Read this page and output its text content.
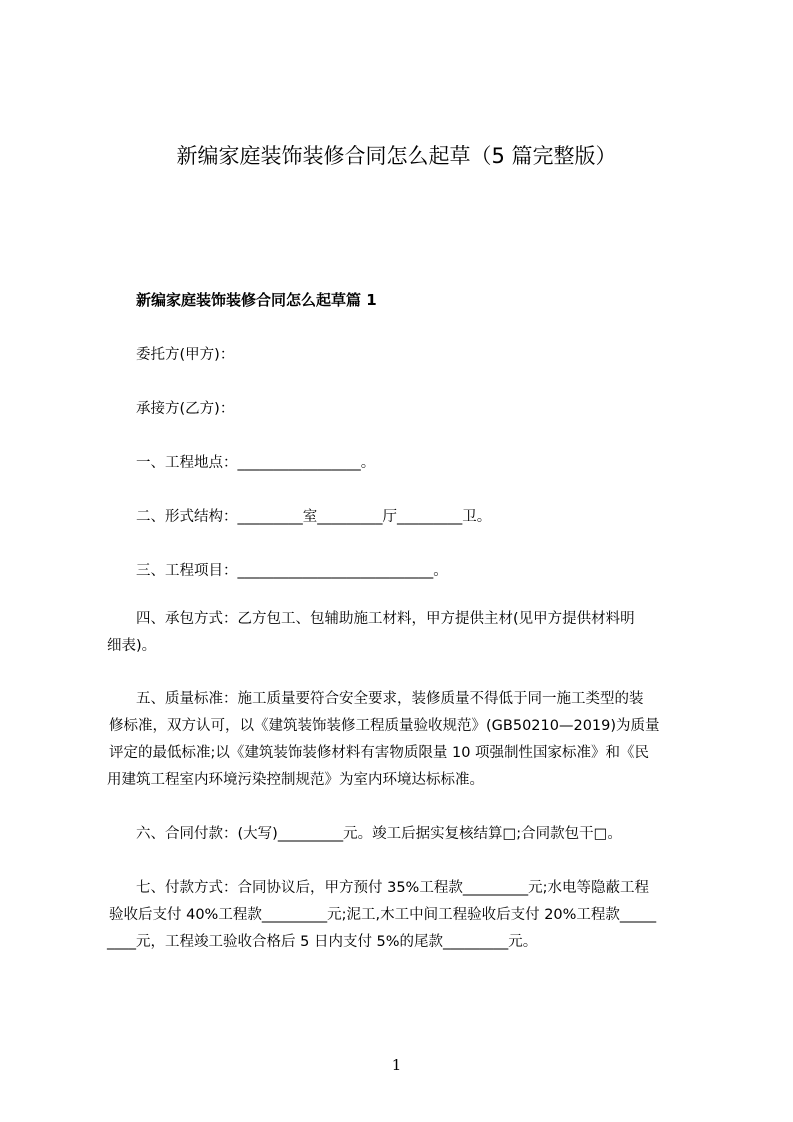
新编家庭装饰装修合同怎么起草（5 篇完整版）
新编家庭装饰装修合同怎么起草篇 1
委托方(甲方)：
承接方(乙方)：
一、工程地点：_________________。
二、形式结构：_________室_________厅_________卫。
三、工程项目：___________________________。
四、承包方式：乙方包工、包辅助施工材料，甲方提供主材(见甲方提供材料明
细表)。
五、质量标准：施工质量要符合安全要求，装修质量不得低于同一施工类型的装
修标准，双方认可，以《建筑装饰装修工程质量验收规范》(GB50210—2019)为质量
评定的最低标准;以《建筑装饰装修材料有害物质限量 10 项强制性国家标准》和《民
用建筑工程室内环境污染控制规范》为室内环境达标标准。
六、合同付款：(大写)_________元。竣工后据实复核结算□;合同款包干□。
七、付款方式：合同协议后，甲方预付 35%工程款_________元;水电等隐蔽工程
验收后支付 40%工程款_________元;泥工,木工中间工程验收后支付 20%工程款_____
____元，工程竣工验收合格后 5 日内支付 5%的尾款_________元。
1
